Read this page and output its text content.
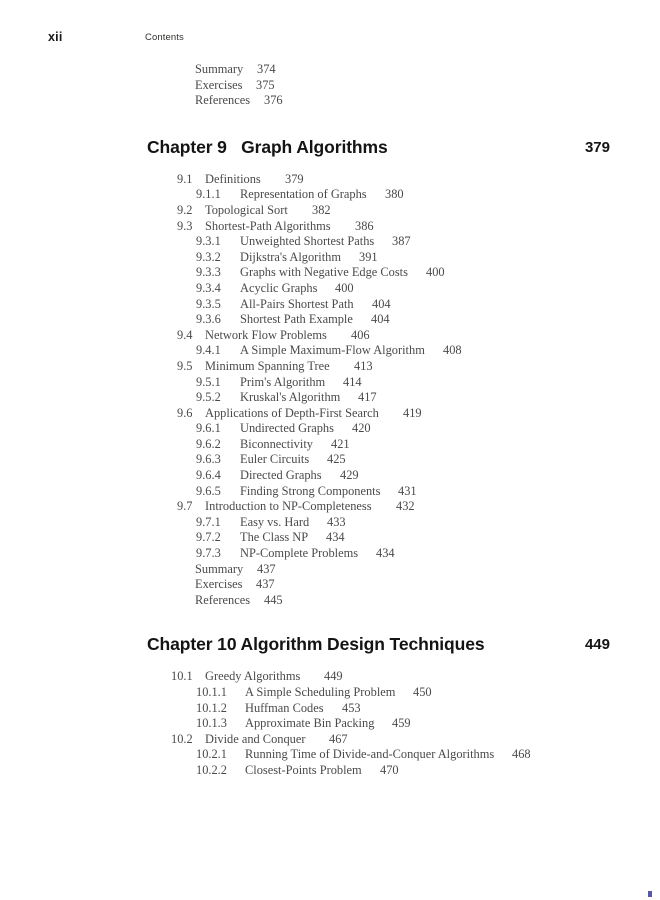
xii	Contents
Summary 374
Exercises 375
References 376
Chapter 9   Graph Algorithms	379
9.1 Definitions 379
9.1.1 Representation of Graphs 380
9.2 Topological Sort 382
9.3 Shortest-Path Algorithms 386
9.3.1 Unweighted Shortest Paths 387
9.3.2 Dijkstra's Algorithm 391
9.3.3 Graphs with Negative Edge Costs 400
9.3.4 Acyclic Graphs 400
9.3.5 All-Pairs Shortest Path 404
9.3.6 Shortest Path Example 404
9.4 Network Flow Problems 406
9.4.1 A Simple Maximum-Flow Algorithm 408
9.5 Minimum Spanning Tree 413
9.5.1 Prim's Algorithm 414
9.5.2 Kruskal's Algorithm 417
9.6 Applications of Depth-First Search 419
9.6.1 Undirected Graphs 420
9.6.2 Biconnectivity 421
9.6.3 Euler Circuits 425
9.6.4 Directed Graphs 429
9.6.5 Finding Strong Components 431
9.7 Introduction to NP-Completeness 432
9.7.1 Easy vs. Hard 433
9.7.2 The Class NP 434
9.7.3 NP-Complete Problems 434
Summary 437
Exercises 437
References 445
Chapter 10 Algorithm Design Techniques	449
10.1 Greedy Algorithms 449
10.1.1 A Simple Scheduling Problem 450
10.1.2 Huffman Codes 453
10.1.3 Approximate Bin Packing 459
10.2 Divide and Conquer 467
10.2.1 Running Time of Divide-and-Conquer Algorithms 468
10.2.2 Closest-Points Problem 470
